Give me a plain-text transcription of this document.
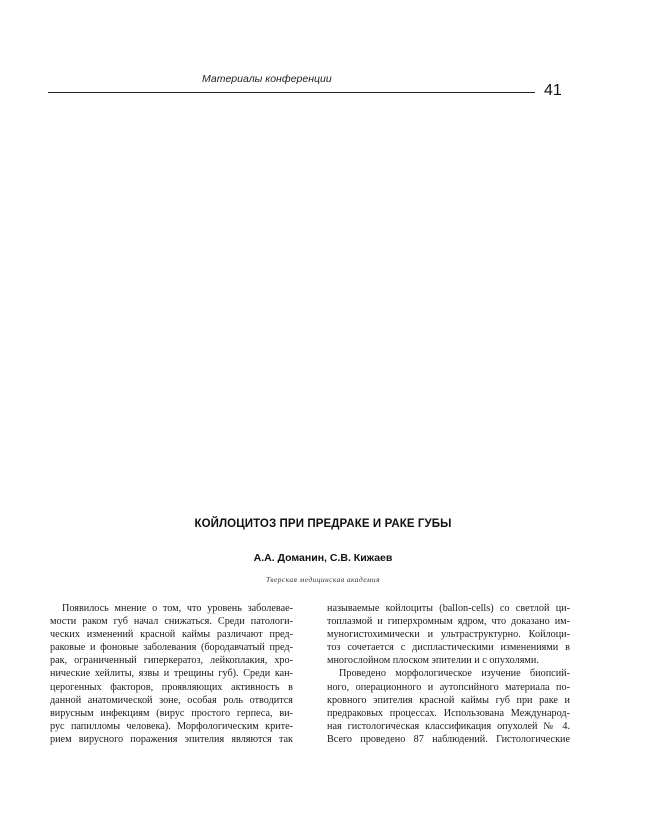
Материалы конференции
41
КОЙЛОЦИТОЗ ПРИ ПРЕДРАКЕ И РАКЕ ГУБЫ
А.А. Доманин, С.В. Кижаев
Тверская медицинская академия
Появилось мнение о том, что уровень заболевае-
мости раком губ начал снижаться. Среди патологи-
ческих изменений красной каймы различают пред-
раковые и фоновые заболевания (бородавчатый пред-
рак, ограниченный гиперкератоз, лейкоплакия, хро-
нические хейлиты, язвы и трещины губ). Среди кан-
церогенных факторов, проявляющих активность в
данной анатомической зоне, особая роль отводится
вирусным инфекциям (вирус простого герпеса, ви-
рус папилломы человека). Морфологическим крите-
рием вирусного поражения эпителия являются так
называемые койлоциты (ballon-cells) со светлой ци-
топлазмой и гиперхромным ядром, что доказано им-
муногистохимически и ультраструктурно. Койлоци-
тоз сочетается с диспластическими изменениями в
многослойном плоском эпителии и с опухолями.
Проведено морфологическое изучение биопсий-
ного, операционного и аутопсийного материала по-
кровного эпителия красной каймы губ при раке и
предраковых процессах. Использована Международ-
ная гистологическая классификация опухолей № 4.
Всего проведено 87 наблюдений. Гистологические
